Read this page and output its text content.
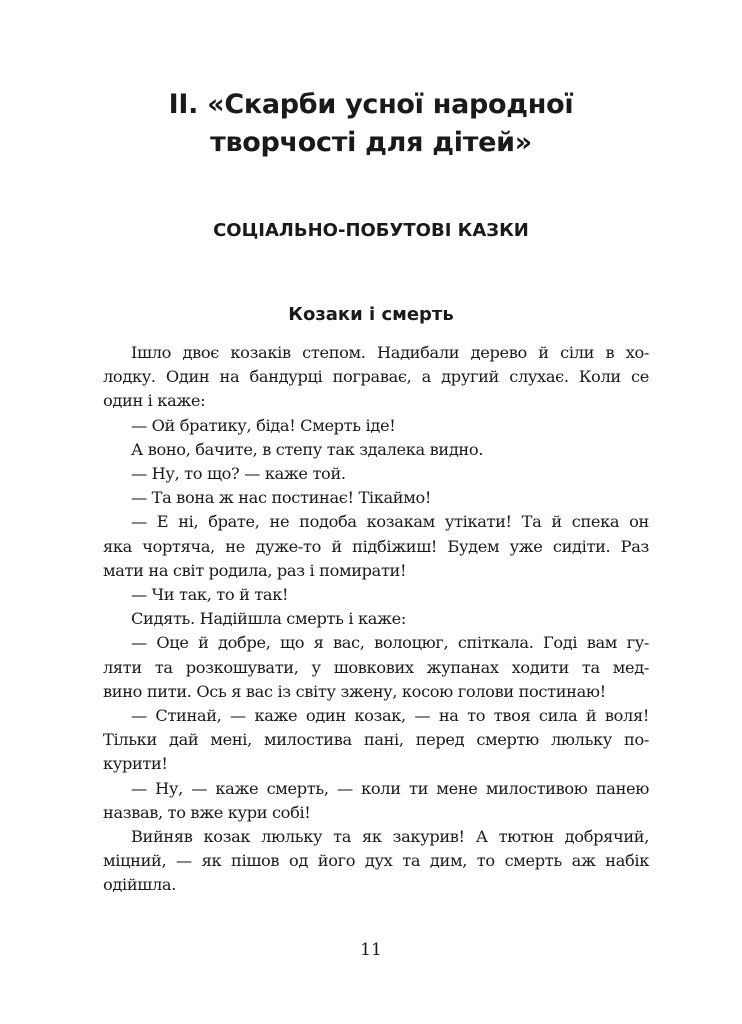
II. «Скарби усної народної
творчості для дітей»
СОЦІАЛЬНО-ПОБУТОВІ КАЗКИ
Козаки і смерть
Ішло двоє козаків степом. Надибали дерево й сіли в хо-
лодку. Один на бандурці пограває, а другий слухає. Коли се
один і каже:
— Ой братику, біда! Смерть іде!
А воно, бачите, в степу так здалека видно.
— Ну, то що? — каже той.
— Та вона ж нас постинає! Тікаймо!
— Е ні, брате, не подоба козакам утікати! Та й спека он
яка чортяча, не дуже-то й підбіжиш! Будем уже сидіти. Раз
мати на світ родила, раз і помирати!
— Чи так, то й так!
Сидять. Надійшла смерть і каже:
— Оце й добре, що я вас, волоцюг, спіткала. Годі вам гу-
ляти та розкошувати, у шовкових жупанах ходити та мед-
вино пити. Ось я вас із світу зжену, косою голови постинаю!
— Стинай, — каже один козак, — на то твоя сила й воля!
Тільки дай мені, милостива пані, перед смертю люльку по-
курити!
— Ну, — каже смерть, — коли ти мене милостивою панею
назвав, то вже кури собі!
Вийняв козак люльку та як закурив! А тютюн добрячий,
міцний, — як пішов од його дух та дим, то смерть аж набік
одійшла.
11
